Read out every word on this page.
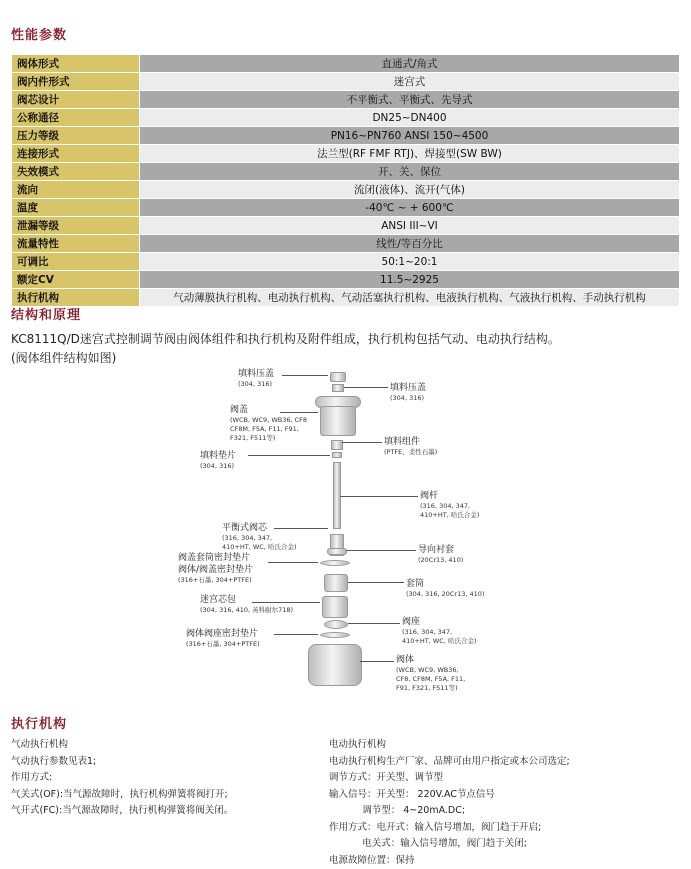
性能参数
阀体形式	直通式/角式
阀内件形式	迷宫式
阀芯设计	不平衡式、平衡式、先导式
公称通径	DN25~DN400
压力等级	PN16~PN760 ANSI 150~4500
连接形式	法兰型(RF FMF RTJ)、焊接型(SW BW)
失效模式	开、关、保位
流向	流闭(液体)、流开(气体)
温度	-40℃ ~ + 600℃
泄漏等级	ANSI III~VI
流量特性	线性/等百分比
可调比	50:1~20:1
额定CV	11.5~2925
执行机构	气动薄膜执行机构、电动执行机构、气动活塞执行机构、电液执行机构、气液执行机构、手动执行机构
结构和原理
KC8111Q/D迷宫式控制调节阀由阀体组件和执行机构及附件组成，执行机构包括气动、电动执行结构。
(阀体组件结构如图)
填料压盖
(304, 316)
阀盖
(WCB, WC9, WB36, CF8
CF8M, F5A, F11, F91,
F321, F511等)
填料垫片
(304, 316)
平衡式阀芯
(316, 304, 347,
410+HT, WC, 哈氏合金)
阀盖套筒密封垫片
阀体/阀盖密封垫片
(316+石墨, 304+PTFE)
迷宫芯包
(304, 316, 410, 英科耐尔718)
阀体阀座密封垫片
(316+石墨, 304+PTFE)
填料压盖
(304, 316)
填料组件
(PTFE、柔性石墨)
阀杆
(316, 304, 347,
410+HT, 哈氏合金)
导向衬套
(20Cr13, 410)
套筒
(304, 316, 20Cr13, 410)
阀座
(316, 304, 347,
410+HT, WC, 哈氏合金)
阀体
(WCB, WC9, WB36,
CF8, CF8M, F5A, F11,
F91, F321, F511等)
执行机构
气动执行机构
气动执行参数见表1;
作用方式:
气关式(OF):当气源故障时，执行机构弹簧将阀打开;
气开式(FC):当气源故障时，执行机构弹簧将阀关闭。
电动执行机构
电动执行机构生产厂家、品牌可由用户指定或本公司选定;
调节方式：开关型、调节型
输入信号：开关型： 220V.AC节点信号
调节型： 4~20mA.DC;
作用方式：电开式：输入信号增加，阀门趋于开启;
电关式：输入信号增加，阀门趋于关闭;
电源故障位置：保持
